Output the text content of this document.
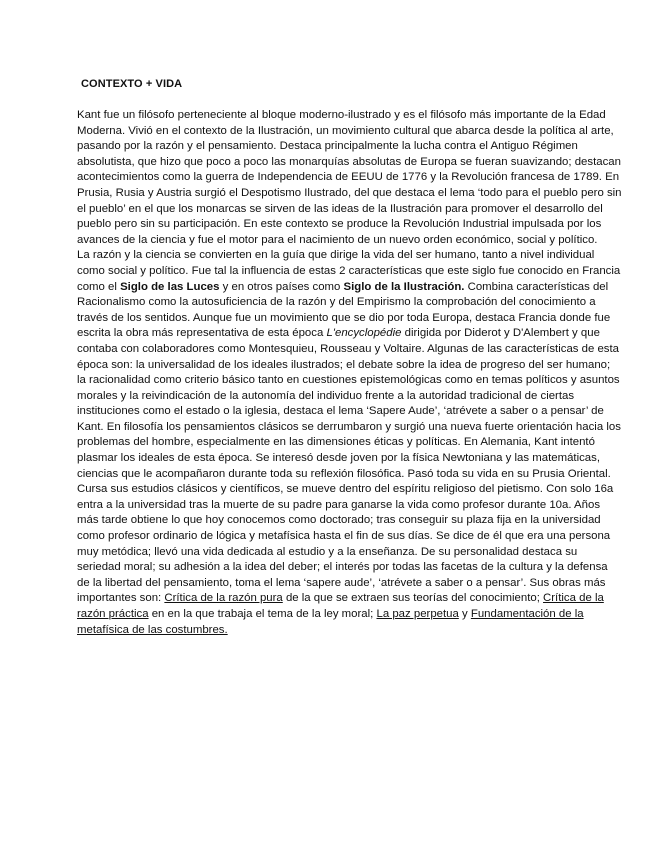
CONTEXTO + VIDA

Kant fue un filósofo perteneciente al bloque moderno-ilustrado y es el filósofo más importante de la Edad Moderna. Vivió en el contexto de la Ilustración, un movimiento cultural que abarca desde la política al arte, pasando por la razón y el pensamiento. Destaca principalmente la lucha contra el Antiguo Régimen absolutista, que hizo que poco a poco las monarquías absolutas de Europa se fueran suavizando; destacan acontecimientos como la guerra de Independencia de EEUU de 1776 y la Revolución francesa de 1789. En Prusia, Rusia y Austria surgió el Despotismo Ilustrado, del que destaca el lema ‘todo para el pueblo pero sin el pueblo’ en el que los monarcas se sirven de las ideas de la Ilustración para promover el desarrollo del pueblo pero sin su participación. En este contexto se produce la Revolución Industrial impulsada por los avances de la ciencia y fue el motor para el nacimiento de un nuevo orden económico, social y político.

La razón y la ciencia se convierten en la guía que dirige la vida del ser humano, tanto a nivel individual como social y político. Fue tal la influencia de estas 2 características que este siglo fue conocido en Francia como el Siglo de las Luces y en otros países como Siglo de la Ilustración. Combina características del Racionalismo como la autosuficiencia de la razón y del Empirismo la comprobación del conocimiento a través de los sentidos. Aunque fue un movimiento que se dio por toda Europa, destaca Francia donde fue escrita la obra más representativa de esta época L'encyclopédie dirigida por Diderot y D'Alembert y que contaba con colaboradores como Montesquieu, Rousseau y Voltaire. Algunas de las características de esta época son: la universalidad de los ideales ilustrados; el debate sobre la idea de progreso del ser humano; la racionalidad como criterio básico tanto en cuestiones epistemológicas como en temas políticos y asuntos morales y la reivindicación de la autonomía del individuo frente a la autoridad tradicional de ciertas instituciones como el estado o la iglesia, destaca el lema ‘Sapere Aude’, ‘atrévete a saber o a pensar’ de Kant. En filosofía los pensamientos clásicos se derrumbaron y surgió una nueva fuerte orientación hacia los problemas del hombre, especialmente en las dimensiones éticas y políticas. En Alemania, Kant intentó plasmar los ideales de esta época. Se interesó desde joven por la física Newtoniana y las matemáticas, ciencias que le acompañaron durante toda su reflexión filosófica. Pasó toda su vida en su Prusia Oriental. Cursa sus estudios clásicos y científicos, se mueve dentro del espíritu religioso del pietismo. Con solo 16a entra a la universidad tras la muerte de su padre para ganarse la vida como profesor durante 10a. Años más tarde obtiene lo que hoy conocemos como doctorado; tras conseguir su plaza fija en la universidad como profesor ordinario de lógica y metafísica hasta el fin de sus días. Se dice de él que era una persona muy metódica; llevó una vida dedicada al estudio y a la enseñanza. De su personalidad destaca su seriedad moral; su adhesión a la idea del deber; el interés por todas las facetas de la cultura y la defensa de la libertad del pensamiento, toma el lema ‘sapere aude’, ‘atrévete a saber o a pensar’. Sus obras más importantes son: Crítica de la razón pura de la que se extraen sus teorías del conocimiento; Crítica de la razón práctica en en la que trabaja el tema de la ley moral; La paz perpetua y Fundamentación de la metafísica de las costumbres.
